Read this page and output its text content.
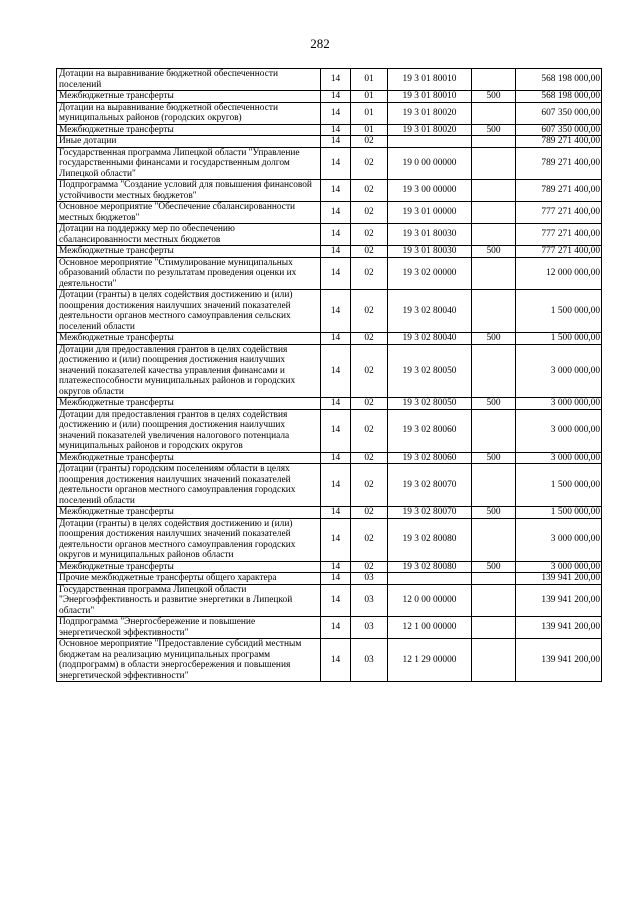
282
Дотации на выравнивание бюджетной обеспеченности поселений	14	01	19 3 01 80010		568 198 000,00
Межбюджетные трансферты	14	01	19 3 01 80010	500	568 198 000,00
Дотации на выравнивание бюджетной обеспеченности муниципальных районов (городских округов)	14	01	19 3 01 80020		607 350 000,00
Межбюджетные трансферты	14	01	19 3 01 80020	500	607 350 000,00
Иные дотации	14	02			789 271 400,00
Государственная программа Липецкой области "Управление государственными финансами и государственным долгом Липецкой области"	14	02	19 0 00 00000		789 271 400,00
Подпрограмма "Создание условий для повышения финансовой устойчивости местных бюджетов"	14	02	19 3 00 00000		789 271 400,00
Основное мероприятие "Обеспечение сбалансированности местных бюджетов"	14	02	19 3 01 00000		777 271 400,00
Дотации на поддержку мер по обеспечению сбалансированности местных бюджетов	14	02	19 3 01 80030		777 271 400,00
Межбюджетные трансферты	14	02	19 3 01 80030	500	777 271 400,00
Основное мероприятие "Стимулирование муниципальных образований области по результатам проведения оценки их деятельности"	14	02	19 3 02 00000		12 000 000,00
Дотации (гранты) в целях содействия достижению и (или) поощрения достижения наилучших значений показателей деятельности органов местного самоуправления сельских поселений области	14	02	19 3 02 80040		1 500 000,00
Межбюджетные трансферты	14	02	19 3 02 80040	500	1 500 000,00
Дотации для предоставления грантов в целях содействия достижению и (или) поощрения достижения наилучших значений показателей качества управления финансами и платежеспособности муниципальных районов и городских округов области	14	02	19 3 02 80050		3 000 000,00
Межбюджетные трансферты	14	02	19 3 02 80050	500	3 000 000,00
Дотации для предоставления грантов в целях содействия достижению и (или) поощрения достижения наилучших значений показателей увеличения налогового потенциала муниципальных районов и городских округов	14	02	19 3 02 80060		3 000 000,00
Межбюджетные трансферты	14	02	19 3 02 80060	500	3 000 000,00
Дотации (гранты) городским поселениям области в целях поощрения достижения наилучших значений показателей деятельности органов местного самоуправления городских поселений области	14	02	19 3 02 80070		1 500 000,00
Межбюджетные трансферты	14	02	19 3 02 80070	500	1 500 000,00
Дотации (гранты) в целях содействия достижению и (или) поощрения достижения наилучших значений показателей деятельности органов местного самоуправления городских округов и муниципальных районов области	14	02	19 3 02 80080		3 000 000,00
Межбюджетные трансферты	14	02	19 3 02 80080	500	3 000 000,00
Прочие межбюджетные трансферты общего характера	14	03			139 941 200,00
Государственная программа Липецкой области "Энергоэффективность и развитие энергетики в Липецкой области"	14	03	12 0 00 00000		139 941 200,00
Подпрограмма "Энергосбережение и повышение энергетической эффективности"	14	03	12 1 00 00000		139 941 200,00
Основное мероприятие "Предоставление субсидий местным бюджетам на реализацию муниципальных программ (подпрограмм) в области энергосбережения и повышения энергетической эффективности"	14	03	12 1 29 00000		139 941 200,00
